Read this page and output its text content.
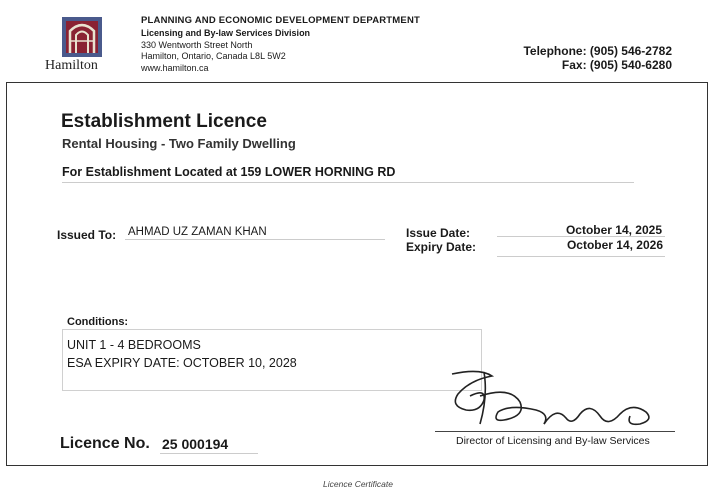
Hamilton
PLANNING AND ECONOMIC DEVELOPMENT DEPARTMENT
Licensing and By-law Services Division
330 Wentworth Street North
Hamilton, Ontario, Canada L8L 5W2
www.hamilton.ca
Telephone: (905) 546-2782
Fax: (905) 540-6280
Establishment Licence
Rental Housing - Two Family Dwelling
For Establishment Located at 159 LOWER HORNING RD
Issued To: AHMAD UZ ZAMAN KHAN	Issue Date:
Expiry Date:
October 14, 2025
October 14, 2026
Conditions:
UNIT 1 - 4 BEDROOMS
ESA EXPIRY DATE: OCTOBER 10, 2028
Licence No. 25 000194	Director of Licensing and By-law Services
Licence Certificate
